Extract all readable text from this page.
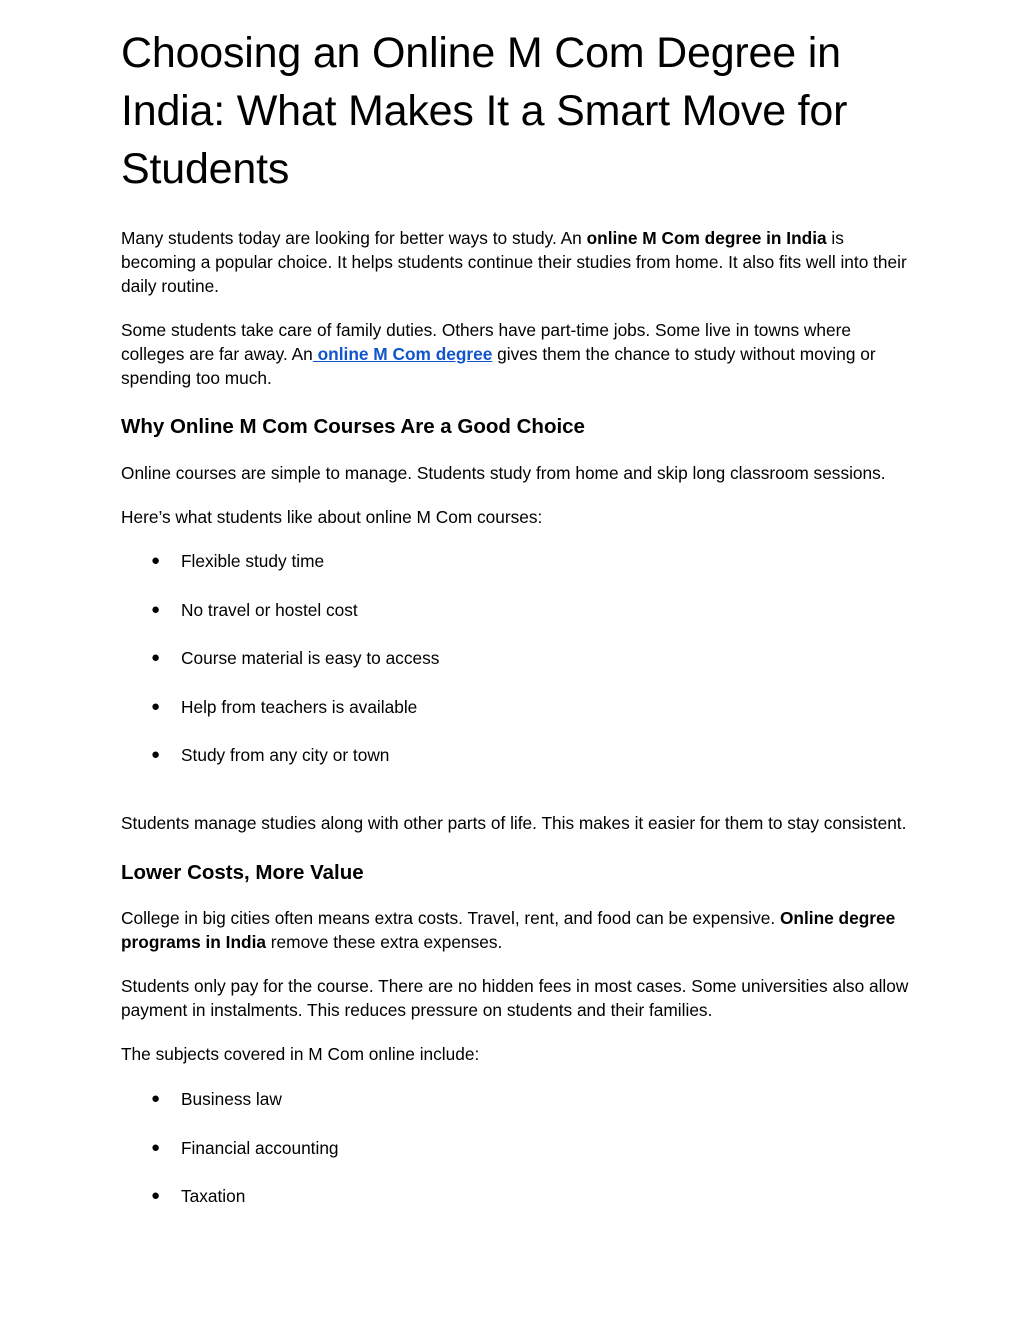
Choosing an Online M Com Degree in India: What Makes It a Smart Move for Students

Many students today are looking for better ways to study. An online M Com degree in India is becoming a popular choice. It helps students continue their studies from home. It also fits well into their daily routine.

Some students take care of family duties. Others have part-time jobs. Some live in towns where colleges are far away. An online M Com degree gives them the chance to study without moving or spending too much.

Why Online M Com Courses Are a Good Choice

Online courses are simple to manage. Students study from home and skip long classroom sessions.

Here’s what students like about online M Com courses:

● Flexible study time
● No travel or hostel cost
● Course material is easy to access
● Help from teachers is available
● Study from any city or town

Students manage studies along with other parts of life. This makes it easier for them to stay consistent.

Lower Costs, More Value

College in big cities often means extra costs. Travel, rent, and food can be expensive. Online degree programs in India remove these extra expenses.

Students only pay for the course. There are no hidden fees in most cases. Some universities also allow payment in instalments. This reduces pressure on students and their families.

The subjects covered in M Com online include:

● Business law
● Financial accounting
● Taxation
